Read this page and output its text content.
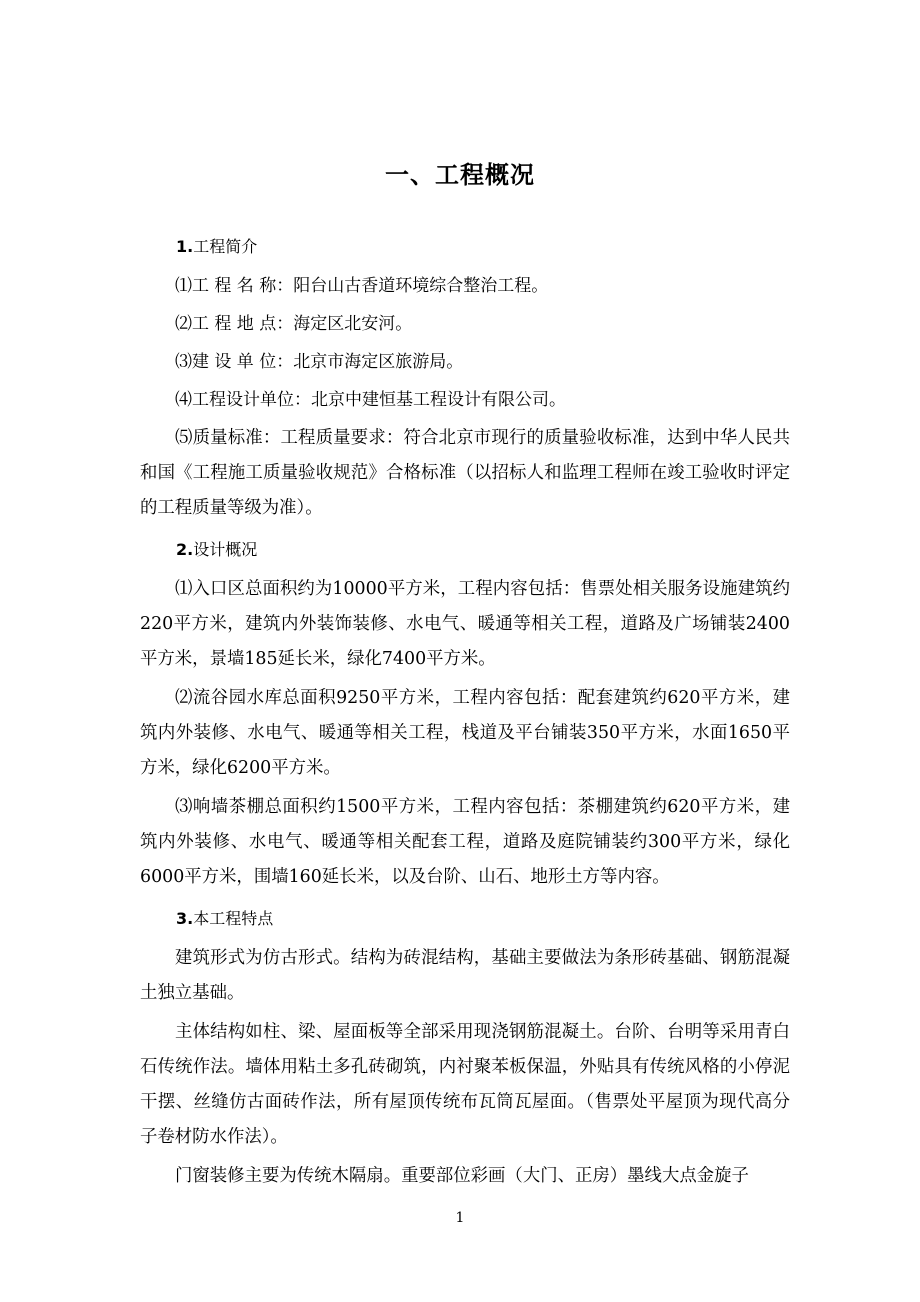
一、工程概况

1.工程简介

⑴工 程 名 称：阳台山古香道环境综合整治工程。

⑵工 程 地 点：海定区北安河。

⑶建 设 单 位：北京市海定区旅游局。

⑷工程设计单位：北京中建恒基工程设计有限公司。

⑸质量标准：工程质量要求：符合北京市现行的质量验收标准，达到中华人民共和国《工程施工质量验收规范》合格标准（以招标人和监理工程师在竣工验收时评定的工程质量等级为准）。

2.设计概况

⑴入口区总面积约为10000平方米，工程内容包括：售票处相关服务设施建筑约220平方米，建筑内外装饰装修、水电气、暖通等相关工程，道路及广场铺装2400平方米，景墙185延长米，绿化7400平方米。

⑵流谷园水库总面积9250平方米，工程内容包括：配套建筑约620平方米，建筑内外装修、水电气、暖通等相关工程，栈道及平台铺装350平方米，水面1650平方米，绿化6200平方米。

⑶响墙茶棚总面积约1500平方米，工程内容包括：茶棚建筑约620平方米，建筑内外装修、水电气、暖通等相关配套工程，道路及庭院铺装约300平方米，绿化6000平方米，围墙160延长米，以及台阶、山石、地形土方等内容。

3.本工程特点

建筑形式为仿古形式。结构为砖混结构，基础主要做法为条形砖基础、钢筋混凝土独立基础。

主体结构如柱、梁、屋面板等全部采用现浇钢筋混凝土。台阶、台明等采用青白石传统作法。墙体用粘土多孔砖砌筑，内衬聚苯板保温，外贴具有传统风格的小停泥干摆、丝缝仿古面砖作法，所有屋顶传统布瓦筒瓦屋面。（售票处平屋顶为现代高分子卷材防水作法）。

门窗装修主要为传统木隔扇。重要部位彩画（大门、正房）墨线大点金旋子

1
